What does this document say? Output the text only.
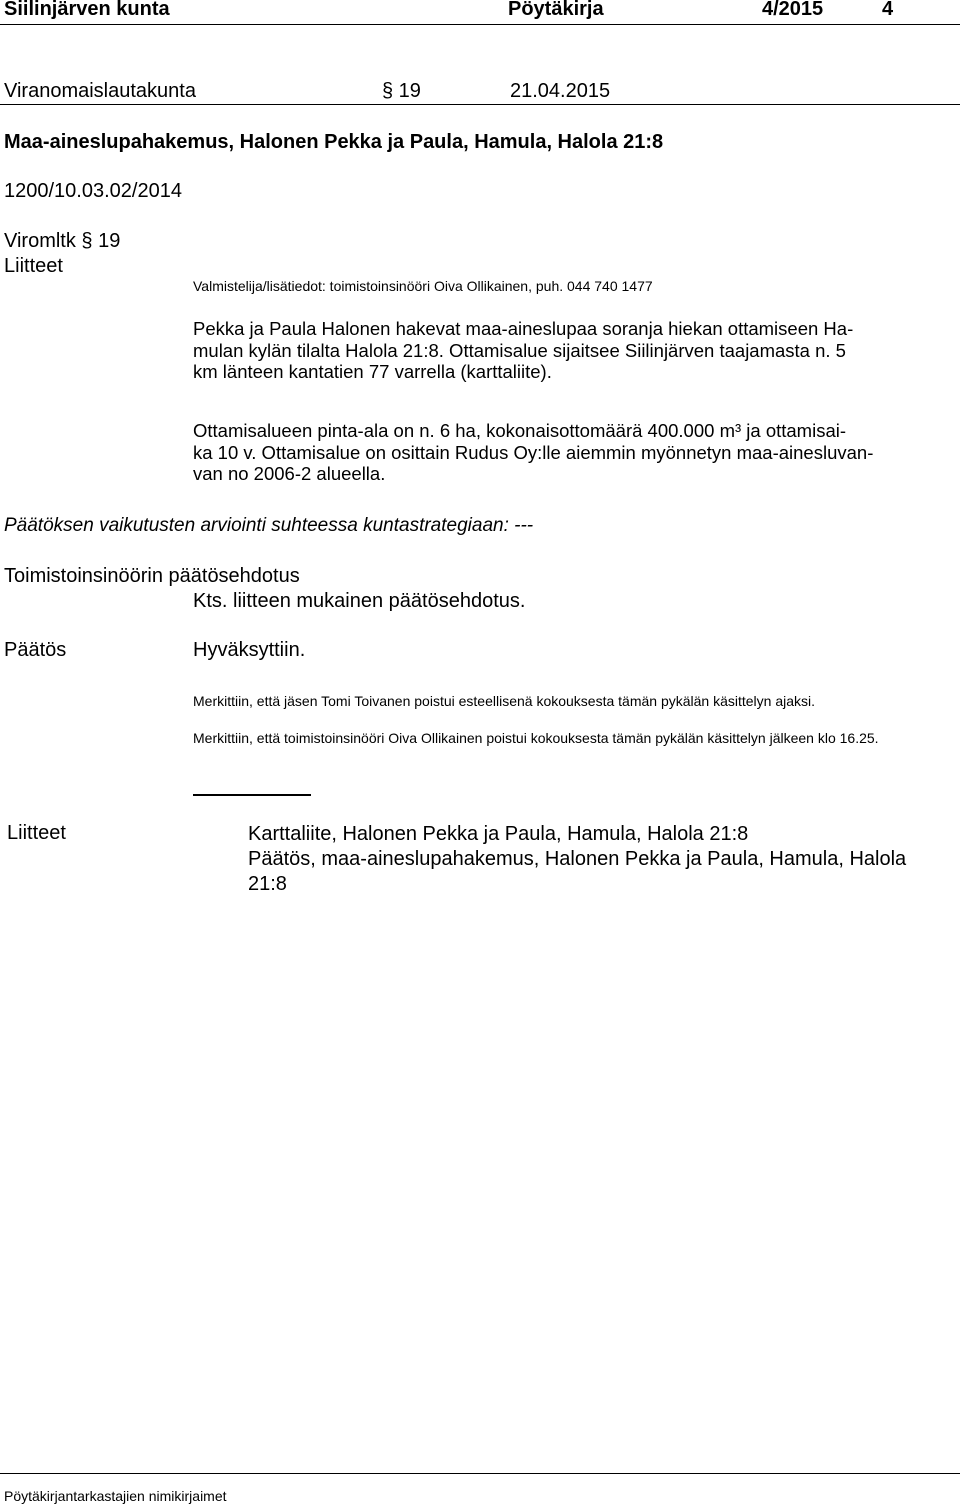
Siilinjärven kunta	Pöytäkirja	4/2015	4
Viranomaislautakunta	§ 19	21.04.2015
Maa-aineslupahakemus, Halonen Pekka ja Paula, Hamula, Halola 21:8
1200/10.03.02/2014
Viromltk § 19
Liitteet
Valmistelija/lisätiedot: toimistoinsinööri Oiva Ollikainen, puh. 044 740 1477
Pekka ja Paula Halonen hakevat maa-aineslupaa soranja hiekan ottamiseen Ha-
mulan kylän tilalta Halola 21:8. Ottamisalue sijaitsee Siilinjärven taajamasta n. 5
km länteen kantatien 77 varrella (karttaliite).
Ottamisalueen pinta-ala on n. 6 ha, kokonaisottomäärä 400.000 m³ ja ottamisai-
ka 10 v. Ottamisalue on osittain Rudus Oy:lle aiemmin myönnetyn maa-ainesluvan-
van no 2006-2 alueella.
Päätöksen vaikutusten arviointi suhteessa kuntastrategiaan: ---
Toimistoinsinöörin päätösehdotus
Kts. liitteen mukainen päätösehdotus.
Päätös	Hyväksyttiin.
Merkittiin, että jäsen Tomi Toivanen poistui esteellisenä kokouksesta tämän pykälän käsittelyn ajaksi.
Merkittiin, että toimistoinsinööri Oiva Ollikainen poistui kokouksesta tämän pykälän käsittelyn jälkeen klo 16.25.
Liitteet	Karttaliite, Halonen Pekka ja Paula, Hamula, Halola 21:8
Päätös, maa-aineslupahakemus, Halonen Pekka ja Paula, Hamula, Halola
21:8
Pöytäkirjantarkastajien nimikirjaimet
